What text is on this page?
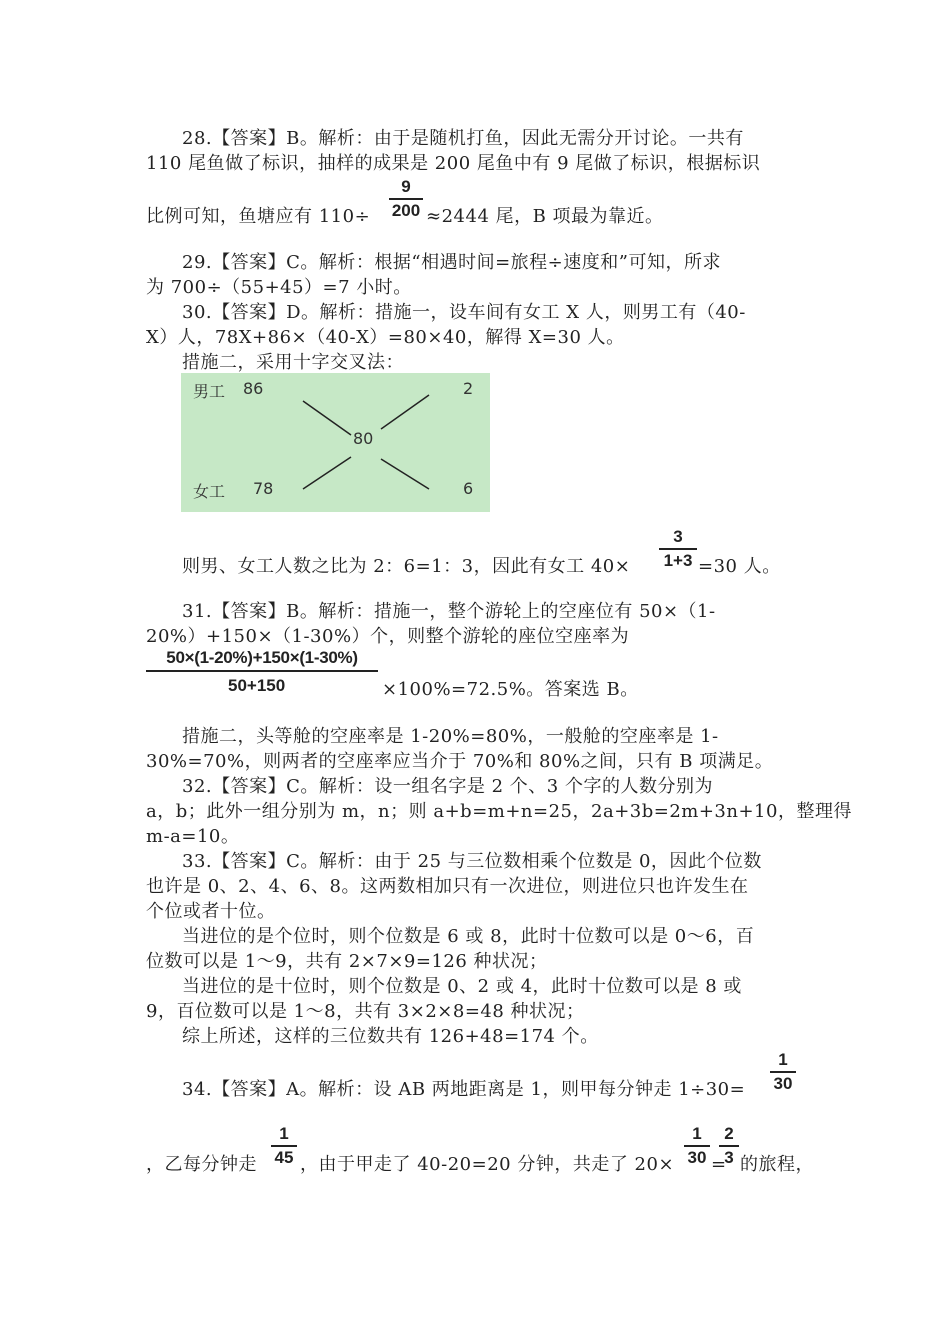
28.【答案】B。解析：由于是随机打鱼，因此无需分开讨论。一共有
110 尾鱼做了标识，抽样的成果是 200 尾鱼中有 9 尾做了标识，根据标识
比例可知，鱼塘应有 110÷
9
200 ≈2444 尾，B 项最为靠近。
29.【答案】C。解析：根据“相遇时间=旅程÷速度和”可知，所求
为 700÷（55+45）=7 小时。
30.【答案】D。解析：措施一，设车间有女工 X 人，则男工有（40-
X）人，78X+86×（40-X）=80×40，解得 X=30 人。
措施二，采用十字交叉法：
男工 86	2
80
女工 78	6
则男、女工人数之比为 2：6=1：3，因此有女工 40×
3
1+3 =30 人。
31.【答案】B。解析：措施一，整个游轮上的空座位有 50×（1-
20%）+150×（1-30%）个，则整个游轮的座位空座率为
50×(1-20%)+150×(1-30%)
50+150	×100%=72.5%。答案选 B。
措施二，头等舱的空座率是 1-20%=80%，一般舱的空座率是 1-
30%=70%，则两者的空座率应当介于 70%和 80%之间，只有 B 项满足。
32.【答案】C。解析：设一组名字是 2 个、3 个字的人数分别为
a，b；此外一组分别为 m，n；则 a+b=m+n=25，2a+3b=2m+3n+10，整理得
m-a=10。
33.【答案】C。解析：由于 25 与三位数相乘个位数是 0，因此个位数
也许是 0、2、4、6、8。这两数相加只有一次进位，则进位只也许发生在
个位或者十位。
当进位的是个位时，则个位数是 6 或 8，此时十位数可以是 0～6，百
位数可以是 1～9，共有 2×7×9=126 种状况；
当进位的是十位时，则个位数是 0、2 或 4，此时十位数可以是 8 或
9，百位数可以是 1～8，共有 3×2×8=48 种状况；
综上所述，这样的三位数共有 126+48=174 个。
34.【答案】A。解析：设 AB 两地距离是 1，则甲每分钟走 1÷30=
1
30
，乙每分钟走
1
45 ，由于甲走了 40-20=20 分钟，共走了 20×
1
30 =
2
3 的旅程，
